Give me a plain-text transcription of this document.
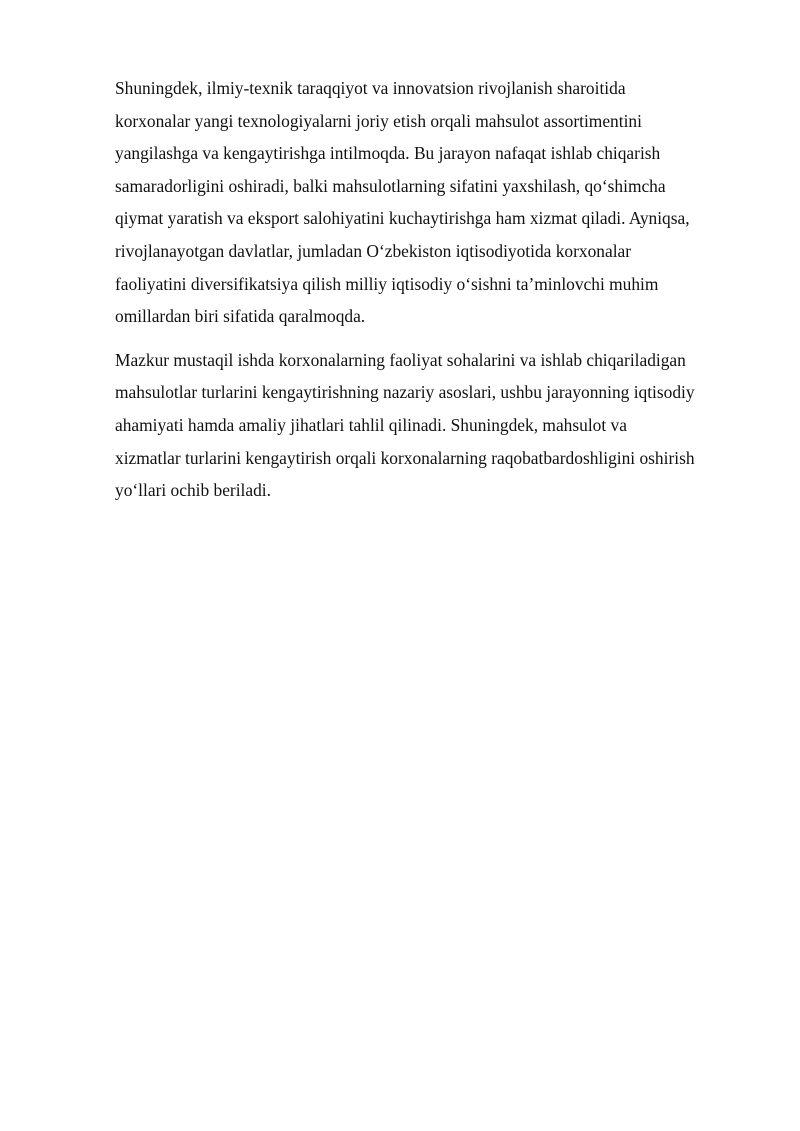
Shuningdek, ilmiy-texnik taraqqiyot va innovatsion rivojlanish sharoitida
korxonalar yangi texnologiyalarni joriy etish orqali mahsulot assortimentini
yangilashga va kengaytirishga intilmoqda. Bu jarayon nafaqat ishlab chiqarish
samaradorligini oshiradi, balki mahsulotlarning sifatini yaxshilash, qo‘shimcha
qiymat yaratish va eksport salohiyatini kuchaytirishga ham xizmat qiladi. Ayniqsa,
rivojlanayotgan davlatlar, jumladan O‘zbekiston iqtisodiyotida korxonalar
faoliyatini diversifikatsiya qilish milliy iqtisodiy o‘sishni ta’minlovchi muhim
omillardan biri sifatida qaralmoqda.

Mazkur mustaqil ishda korxonalarning faoliyat sohalarini va ishlab chiqariladigan
mahsulotlar turlarini kengaytirishning nazariy asoslari, ushbu jarayonning iqtisodiy
ahamiyati hamda amaliy jihatlari tahlil qilinadi. Shuningdek, mahsulot va
xizmatlar turlarini kengaytirish orqali korxonalarning raqobatbardoshligini oshirish
yo‘llari ochib beriladi.
